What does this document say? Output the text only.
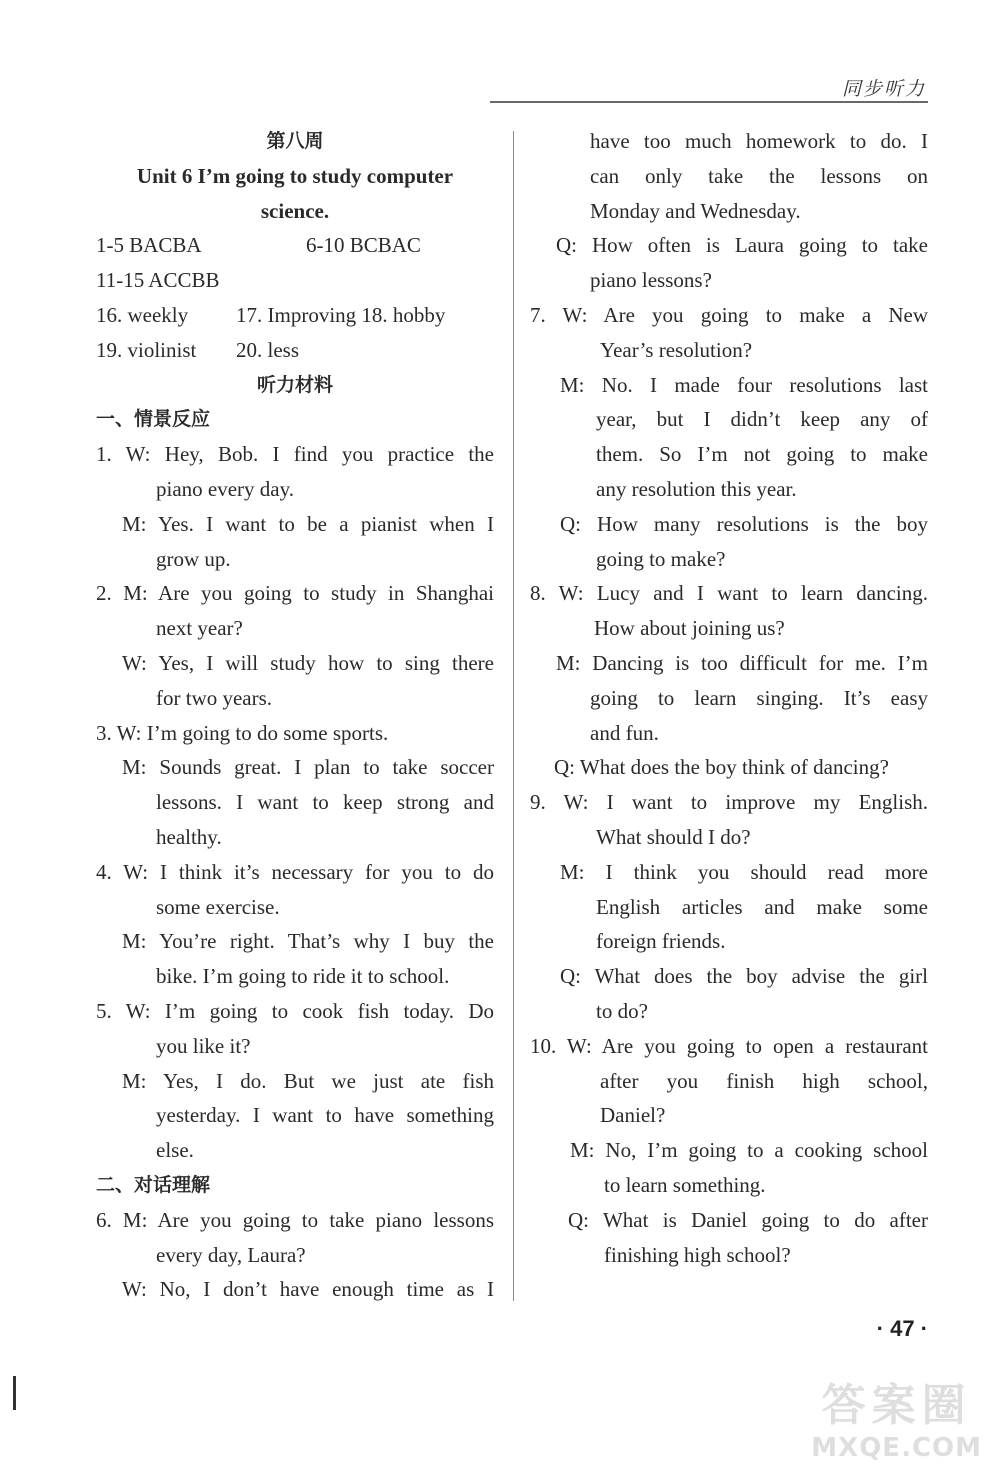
同步听力
第八周
Unit 6 I’m going to study computer
science.
1-5 BACBA	6-10 BCBAC
11-15 ACCBB
16. weekly	17. Improving 18. hobby
19. violinist	20. less
听力材料
一、情景反应
1. W: Hey, Bob. I find you practice the
piano every day.
M: Yes. I want to be a pianist when I
grow up.
2. M: Are you going to study in Shanghai
next year?
W: Yes, I will study how to sing there
for two years.
3. W: I’m going to do some sports.
M: Sounds great. I plan to take soccer
lessons. I want to keep strong and
healthy.
4. W: I think it’s necessary for you to do
some exercise.
M: You’re right. That’s why I buy the
bike. I’m going to ride it to school.
5. W: I’m going to cook fish today. Do
you like it?
M: Yes, I do. But we just ate fish
yesterday. I want to have something
else.
二、对话理解
6. M: Are you going to take piano lessons
every day, Laura?
W: No, I don’t have enough time as I
have too much homework to do. I
can only take the lessons on
Monday and Wednesday.
Q: How often is Laura going to take
piano lessons?
7. W: Are you going to make a New
Year’s resolution?
M: No. I made four resolutions last
year, but I didn’t keep any of
them. So I’m not going to make
any resolution this year.
Q: How many resolutions is the boy
going to make?
8. W: Lucy and I want to learn dancing.
How about joining us?
M: Dancing is too difficult for me. I’m
going to learn singing. It’s easy
and fun.
Q: What does the boy think of dancing?
9. W: I want to improve my English.
What should I do?
M: I think you should read more
English articles and make some
foreign friends.
Q: What does the boy advise the girl
to do?
10. W: Are you going to open a restaurant
after you finish high school,
Daniel?
M: No, I’m going to a cooking school
to learn something.
Q: What is Daniel going to do after
finishing high school?
· 47 ·
答案圈
MXQE.COM
